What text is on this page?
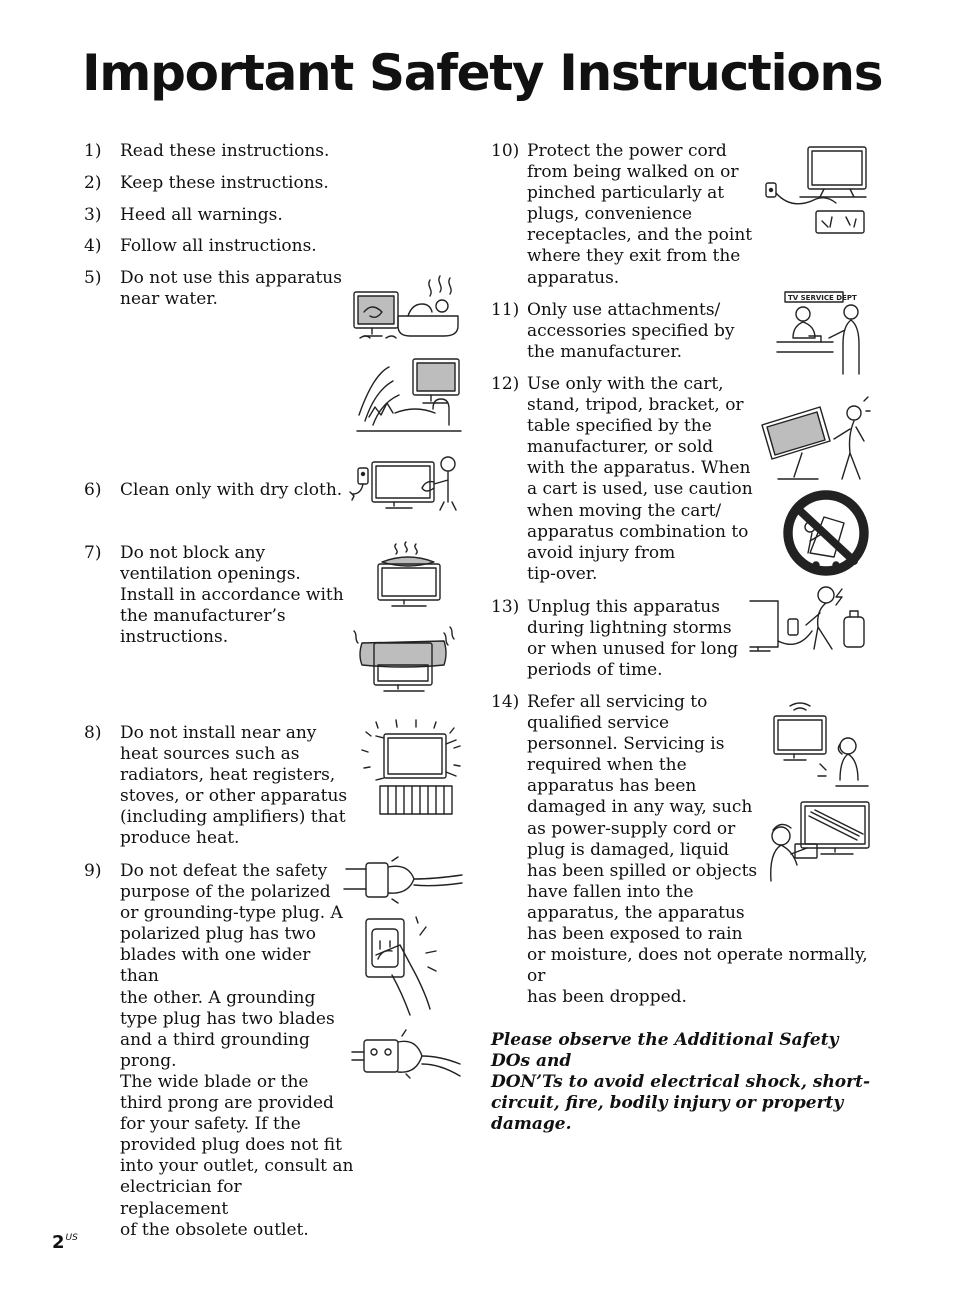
Important Safety Instructions
1) Read these instructions.
2) Keep these instructions.
3) Heed all warnings.
4) Follow all instructions.
5) Do not use this apparatus
near water.
6) Clean only with dry cloth.
7) Do not block any
ventilation openings.
Install in accordance with
the manufacturer’s
instructions.
8) Do not install near any
heat sources such as
radiators, heat registers,
stoves, or other apparatus
(including amplifiers) that
produce heat.
9) Do not defeat the safety
purpose of the polarized
or grounding-type plug. A
polarized plug has two
blades with one wider than
the other. A grounding
type plug has two blades
and a third grounding
prong.
The wide blade or the
third prong are provided
for your safety. If the
provided plug does not fit
into your outlet, consult an
electrician for replacement
of the obsolete outlet.
10) Protect the power cord
from being walked on or
pinched particularly at
plugs, convenience
receptacles, and the point
where they exit from the
apparatus.
11) Only use attachments/
accessories specified by
the manufacturer.
12) Use only with the cart,
stand, tripod, bracket, or
table specified by the
manufacturer, or sold
with the apparatus. When
a cart is used, use caution
when moving the cart/
apparatus combination to
avoid injury from
tip-over.
13) Unplug this apparatus
during lightning storms
or when unused for long
periods of time.
14) Refer all servicing to
qualified service
personnel. Servicing is
required when the
apparatus has been
damaged in any way, such
as power-supply cord or
plug is damaged, liquid
has been spilled or objects
have fallen into the
apparatus, the apparatus
has been exposed to rain
or moisture, does not operate normally, or
has been dropped.

Please observe the Additional Safety DOs and
DON’Ts to avoid electrical shock, short-
circuit, fire, bodily injury or property damage.

$2^{US}$
TV SERVICE DEPT
